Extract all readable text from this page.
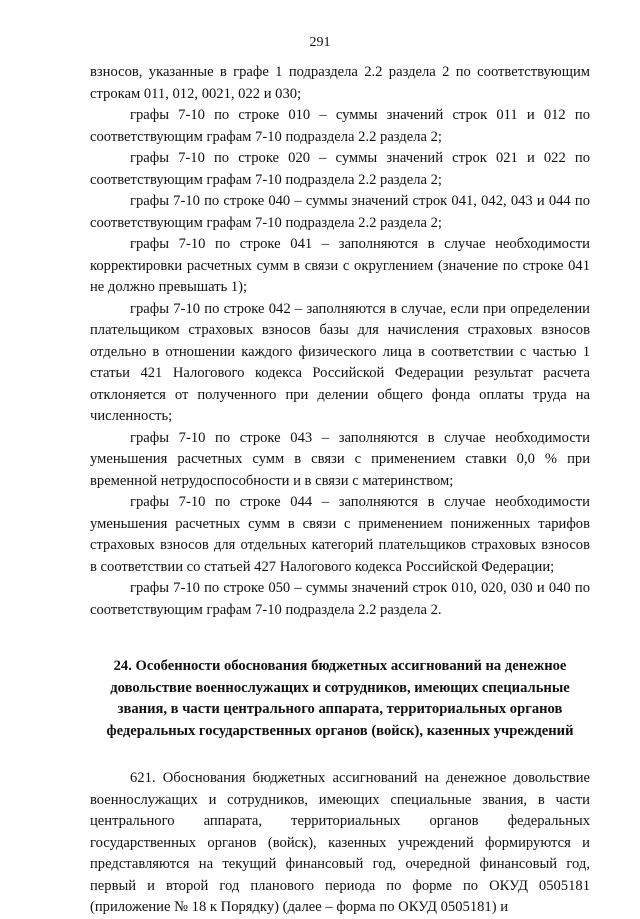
291

взносов, указанные в графе 1 подраздела 2.2 раздела 2 по соответствующим строкам 011, 012, 0021, 022 и 030;

графы 7-10 по строке 010 – суммы значений строк 011 и 012 по соответствующим графам 7-10 подраздела 2.2 раздела 2;

графы 7-10 по строке 020 – суммы значений строк 021 и 022 по соответствующим графам 7-10 подраздела 2.2 раздела 2;

графы 7-10 по строке 040 – суммы значений строк 041, 042, 043 и 044 по соответствующим графам 7-10 подраздела 2.2 раздела 2;

графы 7-10 по строке 041 – заполняются в случае необходимости корректировки расчетных сумм в связи с округлением (значение по строке 041 не должно превышать 1);

графы 7-10 по строке 042 – заполняются в случае, если при определении плательщиком страховых взносов базы для начисления страховых взносов отдельно в отношении каждого физического лица в соответствии с частью 1 статьи 421 Налогового кодекса Российской Федерации результат расчета отклоняется от полученного при делении общего фонда оплаты труда на численность;

графы 7-10 по строке 043 – заполняются в случае необходимости уменьшения расчетных сумм в связи с применением ставки 0,0 % при временной нетрудоспособности и в связи с материнством;

графы 7-10 по строке 044 – заполняются в случае необходимости уменьшения расчетных сумм в связи с применением пониженных тарифов страховых взносов для отдельных категорий плательщиков страховых взносов в соответствии со статьей 427 Налогового кодекса Российской Федерации;

графы 7-10 по строке 050 – суммы значений строк 010, 020, 030 и 040 по соответствующим графам 7-10 подраздела 2.2 раздела 2.

24. Особенности обоснования бюджетных ассигнований на денежное довольствие военнослужащих и сотрудников, имеющих специальные звания, в части центрального аппарата, территориальных органов федеральных государственных органов (войск), казенных учреждений

621. Обоснования бюджетных ассигнований на денежное довольствие военнослужащих и сотрудников, имеющих специальные звания, в части центрального аппарата, территориальных органов федеральных государственных органов (войск), казенных учреждений формируются и представляются на текущий финансовый год, очередной финансовый год, первый и второй год планового периода по форме по ОКУД 0505181 (приложение № 18 к Порядку) (далее – форма по ОКУД 0505181) и
